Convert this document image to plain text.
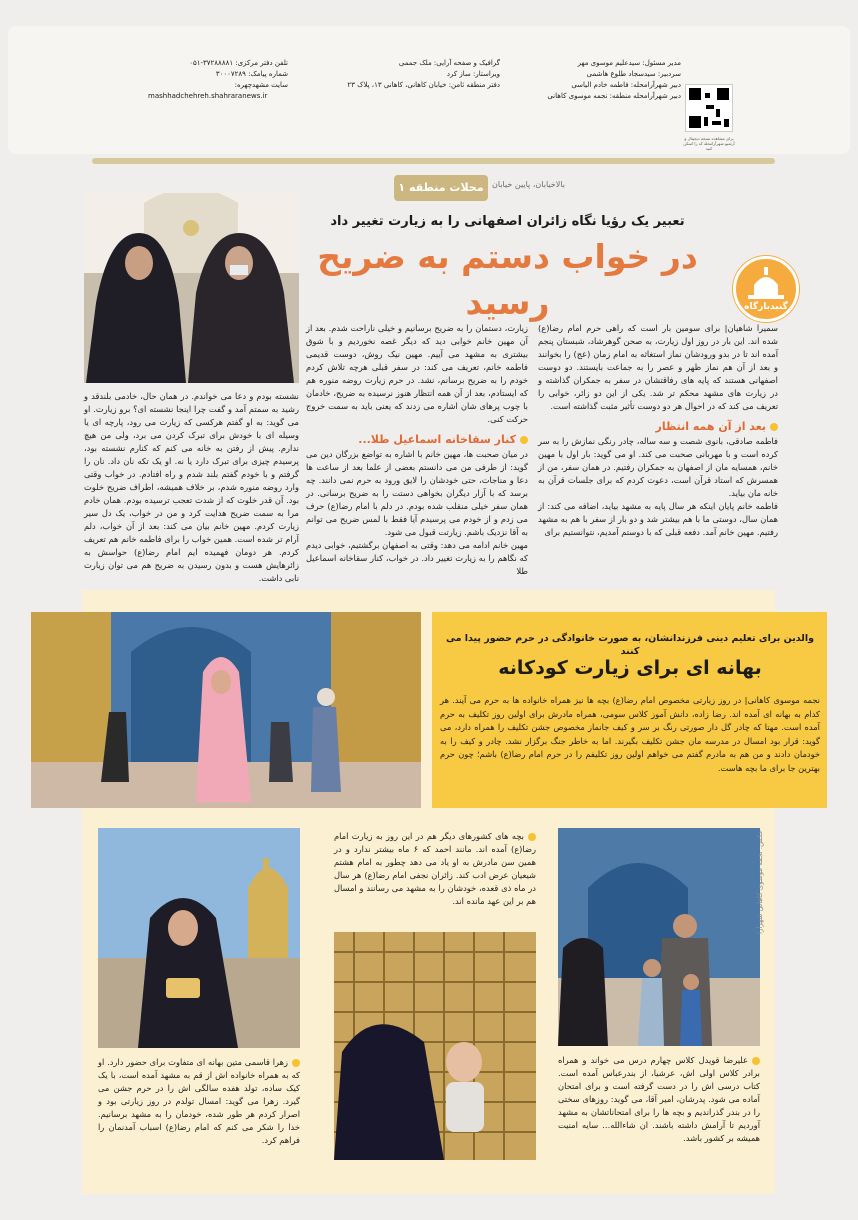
مدیر مسئول: سیدعلیم موسوی مهر
سردبیر: سیدسجاد طلوع هاشمی
دبیر شهرآرامحله: فاطمه خادم الیاسی
دبیر شهرآرامحله منطقه: نجمه موسوی کاهانی
گرافیک و صفحه آرایی: ملک جممی
ویراستار: ساز کرد
دفتر منطقه ثامن: خیابان کاهانی، کاهانی ۱۳، پلاک ۲۳
تلفن دفتر مرکزی: ۳۷۲۸۸۸۸۱-۰۵۱
شماره پیامک: ۳۰۰۰۷۲۸۹
سایت مشهدچهره:
mashhadchehreh.shahraranews.ir
برای مشاهده نسخه دیجیتال و آرشیو شهرآرامحله کد را اسکن کنید
محلات منطقه ۱	بالاخیابان، پایین خیابان
تعبیر یک رؤیا نگاه زائران اصفهانی را به زیارت تغییر داد
در خواب دستم به ضریح رسید	گنبدبارگاه

سمیرا شاهیان| برای سومین بار است که راهی حرم امام رضا(ع) شده اند. این بار در روز اول زیارت، به صحن گوهرشاد، شبستان پنجم آمده اند تا در بدو ورودشان نماز استغاثه به امام زمان (عج) را بخوانند و بعد از آن هم نماز ظهر و عصر را به جماعت بایستند. دو دوست اصفهانی هستند که پایه های رفاقتشان در سفر به جمکران گذاشته و در زیارت های مشهد محکم تر شد. یکی از این دو زائر، خوابی را تعریف می کند که در احوال هر دو دوست تأثیر مثبت گذاشته است.

بعد از آن همه انتظار

فاطمه صادقی، بانوی شصت و سه ساله، چادر رنگی نمازش را به سر کرده است و با مهربانی صحبت می کند. او می گوید: بار اول با مهین خانم، همسایه مان از اصفهان به جمکران رفتیم. در همان سفر، من از همسرش که استاد قرآن است، دعوت کردم که برای جلسات قرآن به خانه مان بیاید.

فاطمه خانم پایان اینکه هر سال پایه به مشهد بیاید، اضافه می کند: از همان سال، دوستی ما با هم بیشتر شد و دو بار از سفر با هم به مشهد رفتیم. مهین خانم آمد. دفعه قبلی که با دوستم آمدیم، نتوانستیم برای

زیارت، دستمان را به ضریح برسانیم و خیلی ناراحت شدم. بعد از آن مهین خانم خوابی دید که دیگر غصه نخوردیم و با شوق بیشتری به مشهد می آییم. مهین نیک روش، دوست قدیمی فاطمه خانم، تعریف می کند: در سفر قبلی هرچه تلاش کردم خودم را به ضریح برسانم، نشد. در حرم زیارت روضه منوره هم که ایستادم، بعد از آن همه انتظار هنوز نرسیده به ضریح، خادمان با چوب پرهای شان اشاره می زدند که یعنی باید به سمت خروج حرکت کنی.

کنار سقاخانه اسماعیل طلا...

در میان صحبت ها، مهین خانم با اشاره به تواضع بزرگان دین می گوید: از طرفی من می دانستم بعضی از علما بعد از ساعت ها دعا و مناجات، حتی خودشان را لایق ورود به حرم نمی دانند. چه برسد که با آزار دیگران بخواهی دستت را به ضریح برسانی. در همان سفر خیلی منقلب شده بودم. در دلم با امام رضا(ع) حرف می زدم و از خودم می پرسیدم آیا فقط با لمس ضریح می توانم به آقا نزدیک باشم. زیارتت قبول می شود.

مهین خانم ادامه می دهد: وقتی به اصفهان برگشتیم، خوابی دیدم که نگاهم را به زیارت تغییر داد. در خواب، کنار سقاخانه اسماعیل طلا

نشسته بودم و دعا می خواندم. در همان حال، خادمی بلندقد و رشید به سمتم آمد و گفت چرا اینجا نشسته ای؟ برو زیارت. او می گوید: به او گفتم هرکسی که زیارت می رود، پارچه ای یا وسیله ای با خودش برای تبرک کردن می برد، ولی من هیچ ندارم. پیش از رفتن به خانه می کنم که کنارم نشسته بود، پرسیدم چیزی برای تبرک دارد یا نه. او یک تکه نان داد. نان را گرفتم و با خودم گفتم بلند شدم و راه افتادم. در خواب وقتی وارد روضه منوره شدم، بر خلاف همیشه، اطراف ضریح خلوت بود. آن قدر خلوت که از شدت تعجب ترسیده بودم. همان خادم مرا به سمت ضریح هدایت کرد و من در خواب، یک دل سیر زیارت کردم. مهین خانم بیان می کند: بعد از آن خواب، دلم آرام تر شده است. همین خواب را برای فاطمه خانم هم تعریف کردم. هر دومان فهمیده ایم امام رضا(ع) حواسش به زائرهایش هست و بدون رسیدن به ضریح هم می توان زیارت نابی داشت.

والدین برای تعلیم دینی فرزندانشان، به صورت خانوادگی در حرم حضور پیدا می کنند
بهانه ای برای زیارت کودکانه
نجمه موسوی کاهانی| در روز زیارتی مخصوص امام رضا(ع) بچه ها نیز همراه خانواده ها به حرم می آیند. هر کدام به بهانه ای آمده اند. رضا زاده، دانش آموز کلاس سومی، همراه مادرش برای اولین روز تکلیف به حرم آمده است. مهتا که چادر گل دار صورتی رنگ بر سر و کیف جانماز مخصوص جشن تکلیف را همراه دارد، می گوید: قرار بود امسال در مدرسه مان جشن تکلیف بگیرند. اما به خاطر جنگ برگزار نشد. چادر و کیف را به خودمان دادند و من هم به مادرم گفتم می خواهم اولین روز تکلیفم را در حرم امام رضا(ع) باشم؛ چون حرم بهترین جا برای ما بچه هاست.
بچه های کشورهای دیگر هم در این روز به زیارت امام رضا(ع) آمده اند. مانند احمد که ۶ ماه بیشتر ندارد و در همین سن مادرش به او یاد می دهد چطور به امام هشتم شیعیان عرض ادب کند. زائران نجفی امام رضا(ع) هر سال در ماه ذی قعده، خودشان را به مشهد می رسانند و امسال هم بر این عهد مانده اند.
زهرا قاسمی متین بهانه ای متفاوت برای حضور دارد. او که به همراه خانواده اش از قم به مشهد آمده است، با یک کیک ساده، تولد هفده سالگی اش را در حرم جشن می گیرد. زهرا می گوید: امسال تولدم در روز زیارتی بود و اصرار کردم هر طور شده، خودمان را به مشهد برسانیم. خدا را شکر می کنم که امام رضا(ع) اسباب آمدنمان را فراهم کرد.
علیرضا قویدل کلاس چهارم درس می خواند و همراه برادر کلاس اولی اش، عرشیا، از بندرعباس آمده است. کتاب درسی اش را در دست گرفته است و برای امتحان آماده می شود. پدرشان، امیر آقا، می گوید: روزهای سختی را در بندر گذراندیم و بچه ها را برای امتحاناتشان به مشهد آوردیم تا آرامش داشته باشند. ان شاءالله... سایه امنیت همیشه بر کشور باشد.
عکس: نجمه موسوی کاهانی شهرآرا
